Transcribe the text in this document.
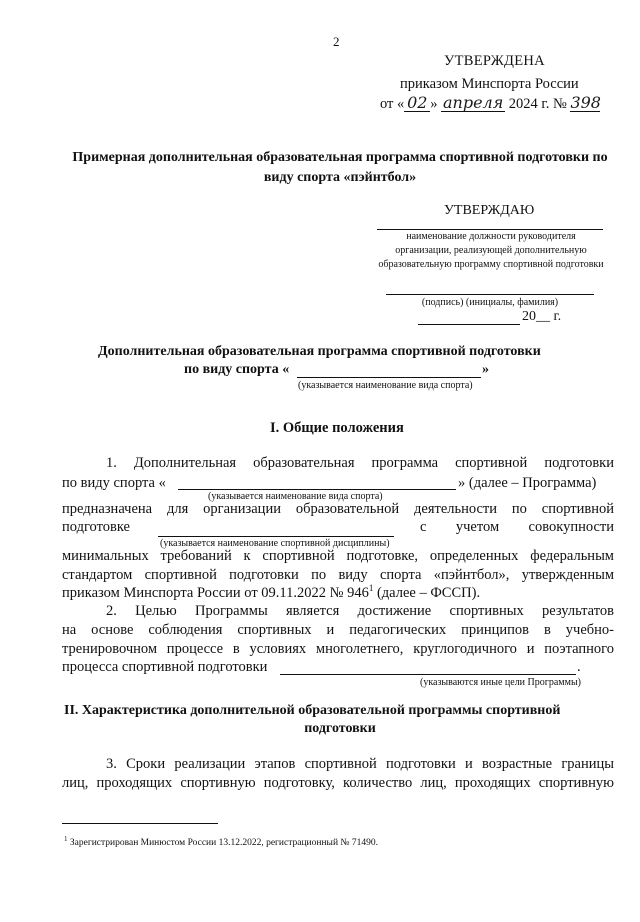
2
УТВЕРЖДЕНА
приказом Минспорта России
от « 02 » апреля 2024 г. № 398
Примерная дополнительная образовательная программа спортивной подготовки по виду спорта «пэйнтбол»
УТВЕРЖДАЮ
наименование должности руководителя
организации, реализующей дополнительную
образовательную программу спортивной подготовки
(подпись) (инициалы, фамилия)
20__ г.
Дополнительная образовательная программа спортивной подготовки
по виду спорта «	»
(указывается наименование вида спорта)
I. Общие положения
1. Дополнительная образовательная программа спортивной подготовки
по виду спорта «	» (далее – Программа)
(указывается наименование вида спорта)
предназначена для организации образовательной деятельности по спортивной
подготовке	с учетом совокупности
(указывается наименование спортивной дисциплины)
минимальных требований к спортивной подготовке, определенных федеральным
стандартом спортивной подготовки по виду спорта «пэйнтбол», утвержденным
приказом Минспорта России от 09.11.2022 № 946$^1$ (далее – ФССП).
2. Целью Программы является достижение спортивных результатов
на основе соблюдения спортивных и педагогических принципов в учебно-
тренировочном процессе в условиях многолетнего, круглогодичного и поэтапного
процесса спортивной подготовки	.
(указываются иные цели Программы)
II. Характеристика дополнительной образовательной программы спортивной
подготовки
3. Сроки реализации этапов спортивной подготовки и возрастные границы
лиц, проходящих спортивную подготовку, количество лиц, проходящих спортивную
$^1$ Зарегистрирован Минюстом России 13.12.2022, регистрационный № 71490.
